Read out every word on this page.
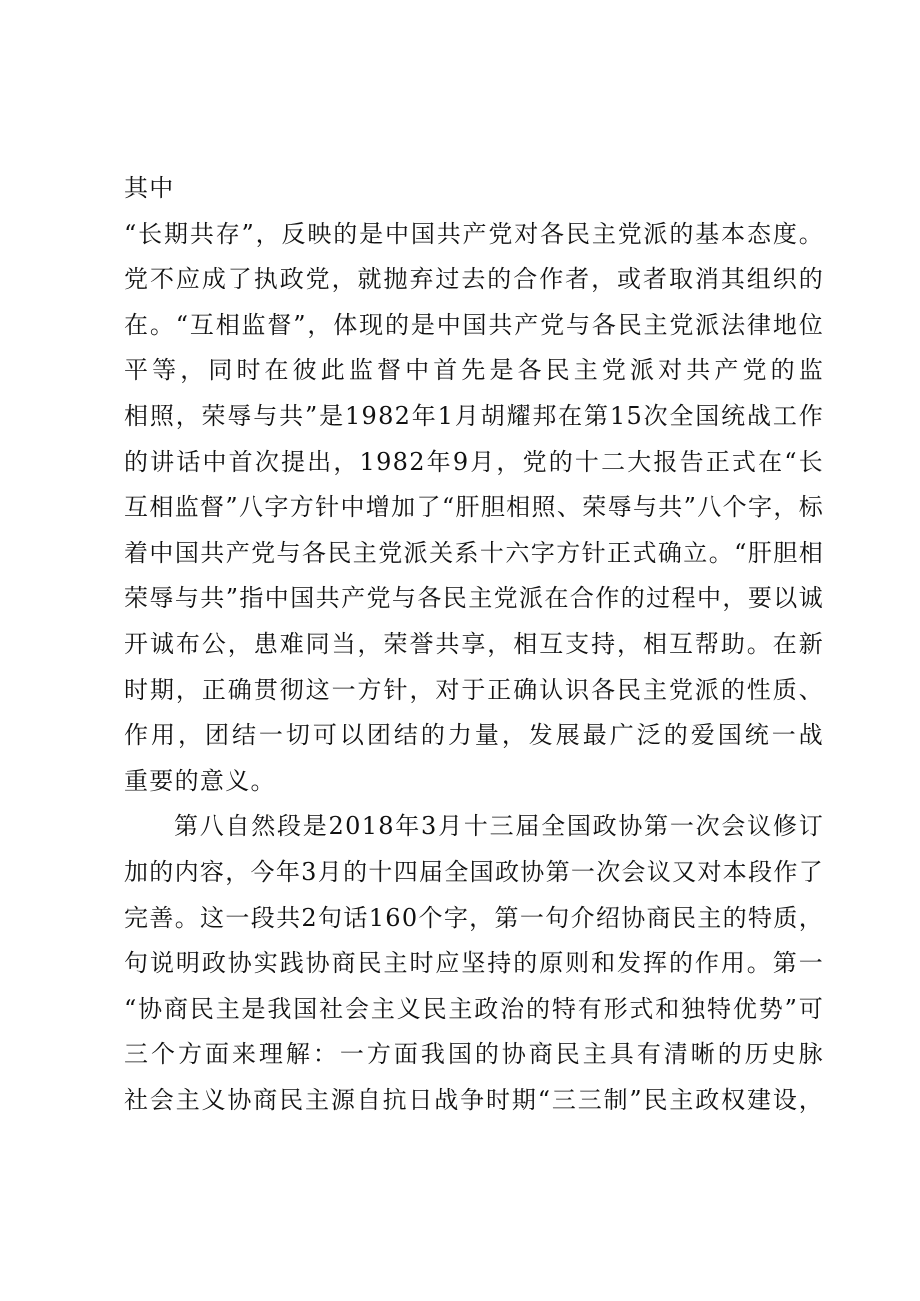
其中
“长期共存”，反映的是中国共产党对各民主党派的基本态度。
党不应成了执政党，就抛弃过去的合作者，或者取消其组织的
在。“互相监督”，体现的是中国共产党与各民主党派法律地位
平等，同时在彼此监督中首先是各民主党派对共产党的监
相照，荣辱与共”是1982年1月胡耀邦在第15次全国统战工作
的讲话中首次提出，1982年9月，党的十二大报告正式在“长
互相监督”八字方针中增加了“肝胆相照、荣辱与共”八个字，标
着中国共产党与各民主党派关系十六字方针正式确立。“肝胆相
荣辱与共”指中国共产党与各民主党派在合作的过程中，要以诚
开诚布公，患难同当，荣誉共享，相互支持，相互帮助。在新
时期，正确贯彻这一方针，对于正确认识各民主党派的性质、
作用，团结一切可以团结的力量，发展最广泛的爱国统一战
重要的意义。
第八自然段是2018年3月十三届全国政协第一次会议修订
加的内容，今年3月的十四届全国政协第一次会议又对本段作了
完善。这一段共2句话160个字，第一句介绍协商民主的特质，
句说明政协实践协商民主时应坚持的原则和发挥的作用。第一
“协商民主是我国社会主义民主政治的特有形式和独特优势”可
三个方面来理解：一方面我国的协商民主具有清晰的历史脉
社会主义协商民主源自抗日战争时期“三三制”民主政权建设，
